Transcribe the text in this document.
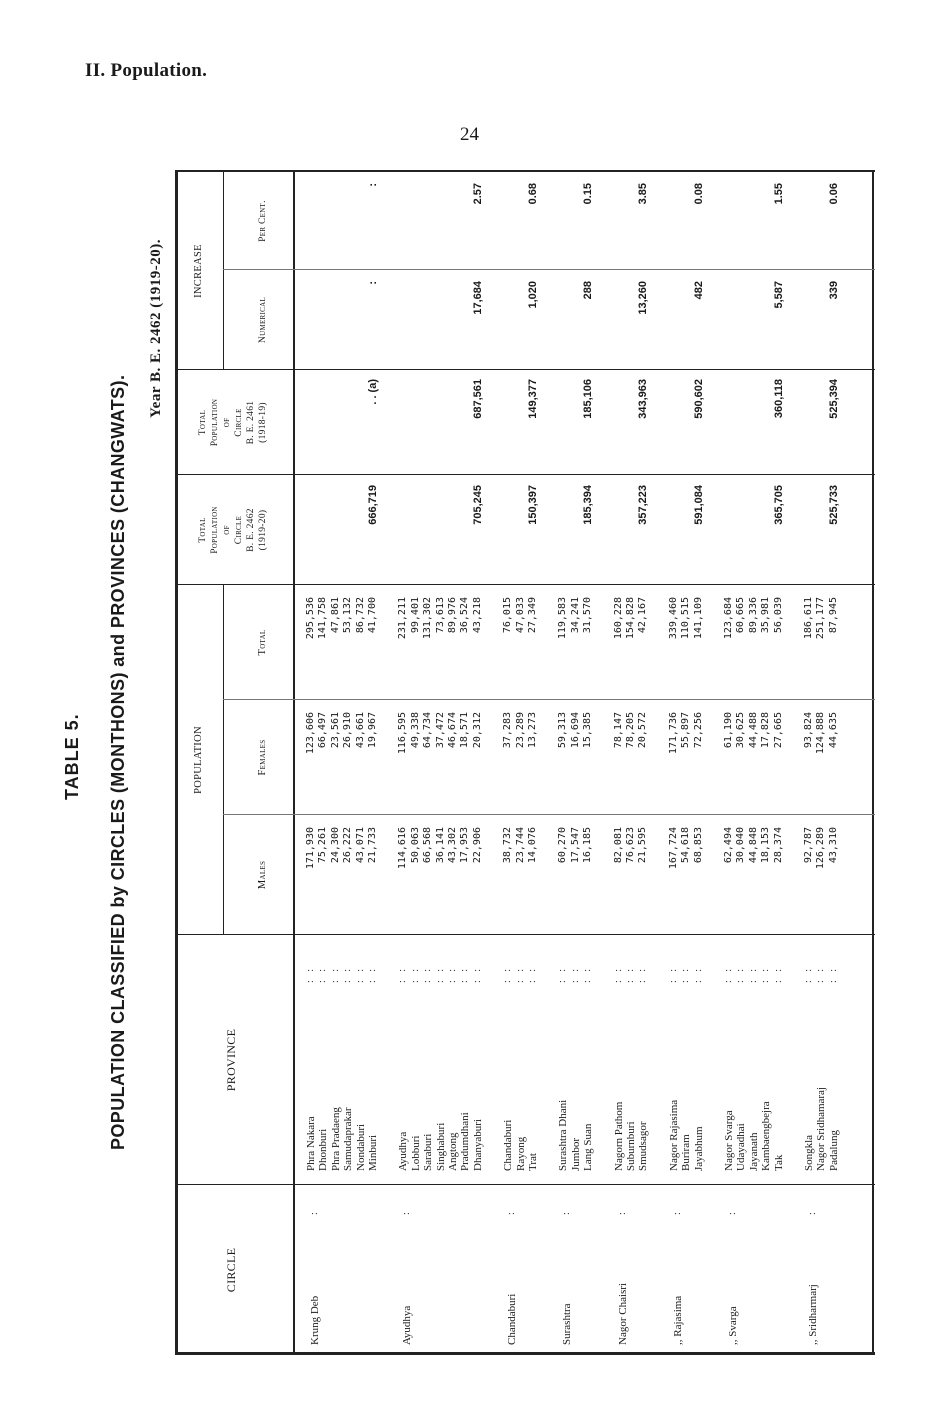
II. Population.
24
TABLE 5. POPULATION CLASSIFIED by CIRCLES (MONTHONS) and PROVINCES (CHANGWATS).
Year B. E. 2462 (1919-20).
CIRCLE
PROVINCE
POPULATION
Males
Females
Total
Total Population of Circle B. E. 2462 (1919-20)
Total Population of Circle B. E. 2461 (1918-19)
INCREASE
Numerical
Per Cent.
Krung Deb
:
Phra Nakara
: :
171,930
123,606
295,536
Dhonburi
: :
75,261
66,497
141,758
Phra Pradaeng
: :
24,300
23,561
47,861
Samudaprakar
: :
26,222
26,910
53,132
Nondaburi
: :
43,071
43,661
86,732
Minburi
: :
21,733
19,967
41,700
666,719
. . (a)
:
:
Ayudhya
:
Ayudhya
: :
114,616
116,595
231,211
Lobburi
: :
50,063
49,338
99,401
Saraburi
: :
66,568
64,734
131,302
Singhaburi
: :
36,141
37,472
73,613
Angtong
: :
43,302
46,674
89,976
Pradumdhani
: :
17,953
18,571
36,524
Dhanyaburi
: :
22,906
20,312
43,218
705,245
687,561
17,684
2.57
Chandaburi
:
Chandaburi
: :
38,732
37,283
76,015
Rayong
: :
23,744
23,289
47,033
Trat
: :
14,076
13,273
27,349
150,397
149,377
1,020
0.68
Surashtra
:
Surashtra Dhani
: :
60,270
59,313
119,583
Jumbor
: :
17,547
16,694
34,241
Lang Suan
: :
16,185
15,385
31,570
185,394
185,106
288
0.15
Nagor Chaisri
:
Nagorn Pathom
: :
82,081
78,147
160,228
Suburnburi
: :
76,623
78,205
154,828
Smudsagor
: :
21,595
20,572
42,167
357,223
343,963
13,260
3.85
,, Rajasima
:
Nagor Rajasima
: :
167,724
171,736
339,460
Buriram
: :
54,618
55,897
110,515
Jayabhum
: :
68,853
72,256
141,109
591,084
590,602
482
0.08
,, Svarga
:
Nagor Svarga
: :
62,494
61,190
123,684
Udayadhai
: :
30,040
30,625
60,665
Jayanath
: :
44,848
44,488
89,336
Kambaengbejra
: :
18,153
17,828
35,981
Tak
: :
28,374
27,665
56,039
365,705
360,118
5,587
1.55
,, Sridharmarj
:
Songkla
: :
92,787
93,824
186,611
Nagor Sridhamaraj
: :
126,289
124,888
251,177
Padalung
: :
43,310
44,635
87,945
525,733
525,394
339
0.06
